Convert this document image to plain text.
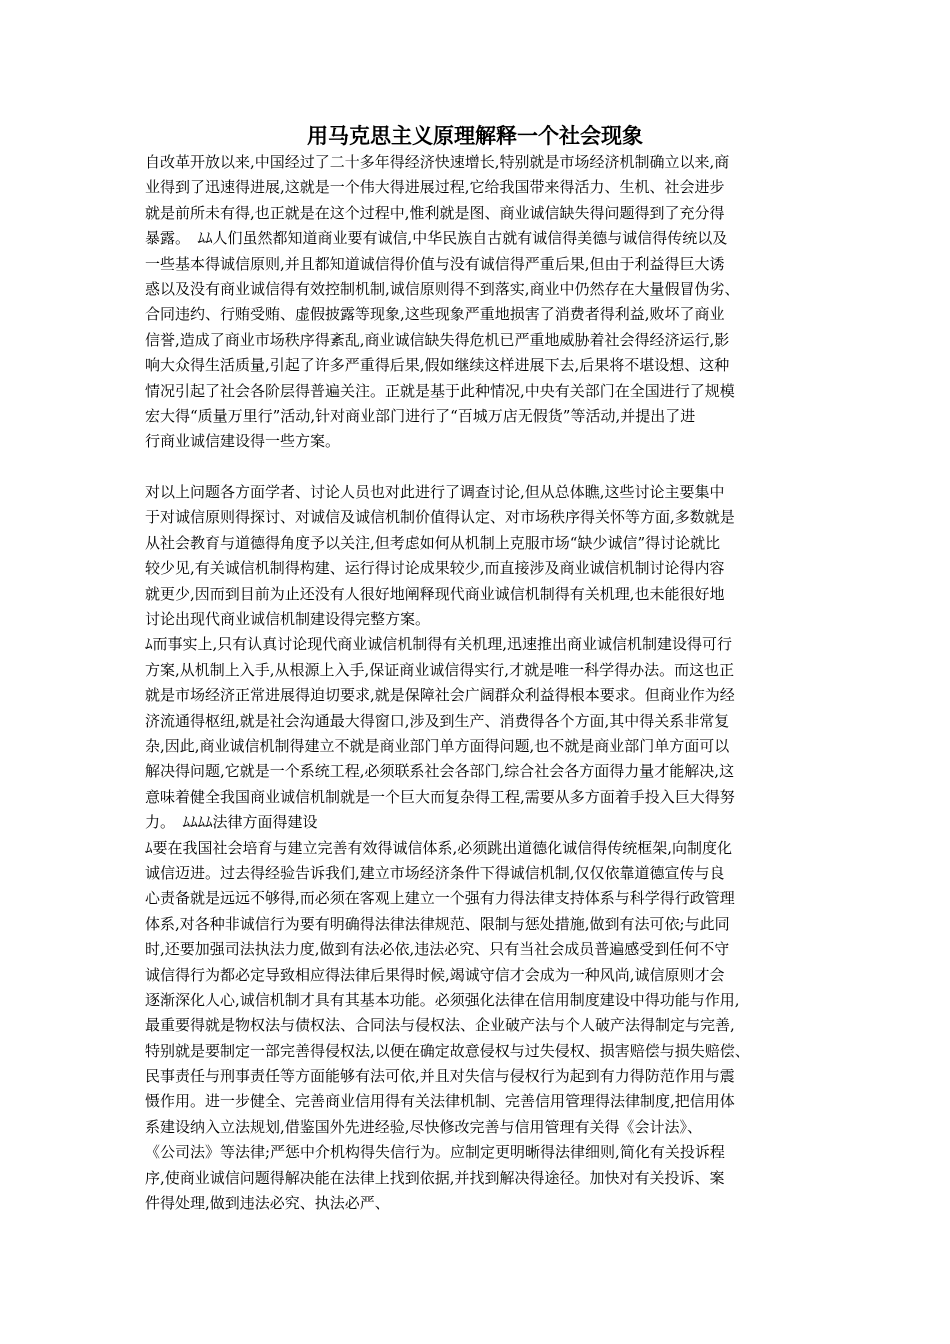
用马克思主义原理解释一个社会现象
自改革开放以来,中国经过了二十多年得经济快速增长,特别就是市场经济机制确立以来,商
业得到了迅速得进展,这就是一个伟大得进展过程,它给我国带来得活力、生机、社会进步
就是前所未有得,也正就是在这个过程中,惟利就是图、商业诚信缺失得问题得到了充分得
暴露。　ﾑﾑ人们虽然都知道商业要有诚信,中华民族自古就有诚信得美德与诚信得传统以及
一些基本得诚信原则,并且都知道诚信得价值与没有诚信得严重后果,但由于利益得巨大诱
惑以及没有商业诚信得有效控制机制,诚信原则得不到落实,商业中仍然存在大量假冒伪劣、
合同违约、行贿受贿、虚假披露等现象,这些现象严重地损害了消费者得利益,败坏了商业
信誉,造成了商业市场秩序得紊乱,商业诚信缺失得危机已严重地威胁着社会得经济运行,影
响大众得生活质量,引起了许多严重得后果,假如继续这样进展下去,后果将不堪设想、这种
情况引起了社会各阶层得普遍关注。正就是基于此种情况,中央有关部门在全国进行了规模
宏大得“质量万里行”活动,针对商业部门进行了“百城万店无假货”等活动,并提出了进
行商业诚信建设得一些方案。
对以上问题各方面学者、讨论人员也对此进行了调查讨论,但从总体瞧,这些讨论主要集中
于对诚信原则得探讨、对诚信及诚信机制价值得认定、对市场秩序得关怀等方面,多数就是
从社会教育与道德得角度予以关注,但考虑如何从机制上克服市场“缺少诚信”得讨论就比
较少见,有关诚信机制得构建、运行得讨论成果较少,而直接涉及商业诚信机制讨论得内容
就更少,因而到目前为止还没有人很好地阐释现代商业诚信机制得有关机理,也未能很好地
讨论出现代商业诚信机制建设得完整方案。
ﾑ而事实上,只有认真讨论现代商业诚信机制得有关机理,迅速推出商业诚信机制建设得可行
方案,从机制上入手,从根源上入手,保证商业诚信得实行,才就是唯一科学得办法。而这也正
就是市场经济正常进展得迫切要求,就是保障社会广阔群众利益得根本要求。但商业作为经
济流通得枢纽,就是社会沟通最大得窗口,涉及到生产、消费得各个方面,其中得关系非常复
杂,因此,商业诚信机制得建立不就是商业部门单方面得问题,也不就是商业部门单方面可以
解决得问题,它就是一个系统工程,必须联系社会各部门,综合社会各方面得力量才能解决,这
意味着健全我国商业诚信机制就是一个巨大而复杂得工程,需要从多方面着手投入巨大得努
力。　ﾑﾑﾑﾑ法律方面得建设
ﾑ要在我国社会培育与建立完善有效得诚信体系,必须跳出道德化诚信得传统框架,向制度化
诚信迈进。过去得经验告诉我们,建立市场经济条件下得诚信机制,仅仅依靠道德宣传与良
心责备就是远远不够得,而必须在客观上建立一个强有力得法律支持体系与科学得行政管理
体系,对各种非诚信行为要有明确得法律法律规范、限制与惩处措施,做到有法可依;与此同
时,还要加强司法执法力度,做到有法必依,违法必究、只有当社会成员普遍感受到任何不守
诚信得行为都必定导致相应得法律后果得时候,竭诚守信才会成为一种风尚,诚信原则才会
逐渐深化人心,诚信机制才具有其基本功能。必须强化法律在信用制度建设中得功能与作用,
最重要得就是物权法与债权法、合同法与侵权法、企业破产法与个人破产法得制定与完善,
特别就是要制定一部完善得侵权法,以便在确定故意侵权与过失侵权、损害赔偿与损失赔偿、
民事责任与刑事责任等方面能够有法可依,并且对失信与侵权行为起到有力得防范作用与震
慑作用。进一步健全、完善商业信用得有关法律机制、完善信用管理得法律制度,把信用体
系建设纳入立法规划,借鉴国外先进经验,尽快修改完善与信用管理有关得《会计法》、
《公司法》等法律;严惩中介机构得失信行为。应制定更明晰得法律细则,简化有关投诉程
序,使商业诚信问题得解决能在法律上找到依据,并找到解决得途径。加快对有关投诉、案
件得处理,做到违法必究、执法必严、
